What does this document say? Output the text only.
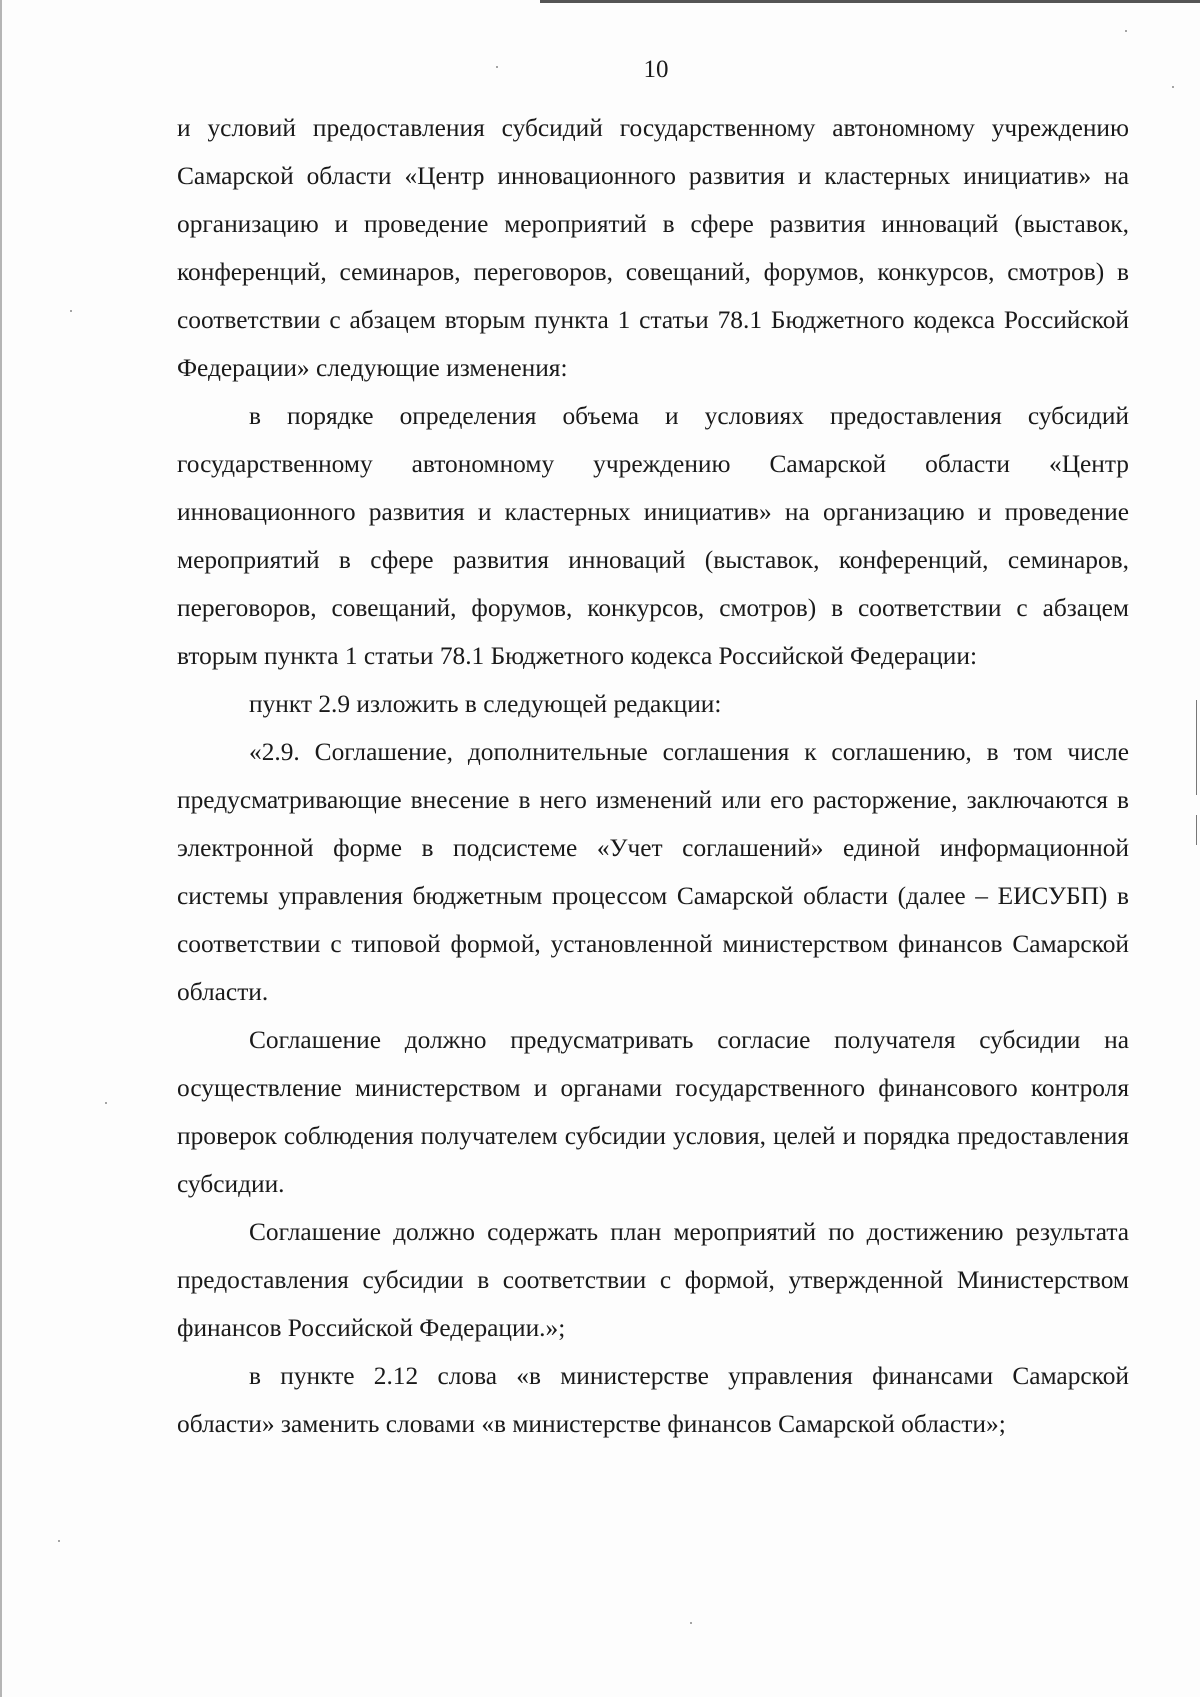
10

и условий предоставления субсидий государственному автономному учреждению Самарской области «Центр инновационного развития и кластерных инициатив» на организацию и проведение мероприятий в сфере развития инноваций (выставок, конференций, семинаров, переговоров, совещаний, форумов, конкурсов, смотров) в соответствии с абзацем вторым пункта 1 статьи 78.1 Бюджетного кодекса Российской Федерации» следующие изменения:

в порядке определения объема и условиях предоставления субсидий государственному автономному учреждению Самарской области «Центр инновационного развития и кластерных инициатив» на организацию и проведение мероприятий в сфере развития инноваций (выставок, конференций, семинаров, переговоров, совещаний, форумов, конкурсов, смотров) в соответствии с абзацем вторым пункта 1 статьи 78.1 Бюджетного кодекса Российской Федерации:

пункт 2.9 изложить в следующей редакции:

«2.9. Соглашение, дополнительные соглашения к соглашению, в том числе предусматривающие внесение в него изменений или его расторжение, заключаются в электронной форме в подсистеме «Учет соглашений» единой информационной системы управления бюджетным процессом Самарской области (далее – ЕИСУБП) в соответствии с типовой формой, установленной министерством финансов Самарской области.

Соглашение должно предусматривать согласие получателя субсидии на осуществление министерством и органами государственного финансового контроля проверок соблюдения получателем субсидии условия, целей и порядка предоставления субсидии.

Соглашение должно содержать план мероприятий по достижению результата предоставления субсидии в соответствии с формой, утвержденной Министерством финансов Российской Федерации.»;

в пункте 2.12 слова «в министерстве управления финансами Самарской области» заменить словами «в министерстве финансов Самарской области»;
